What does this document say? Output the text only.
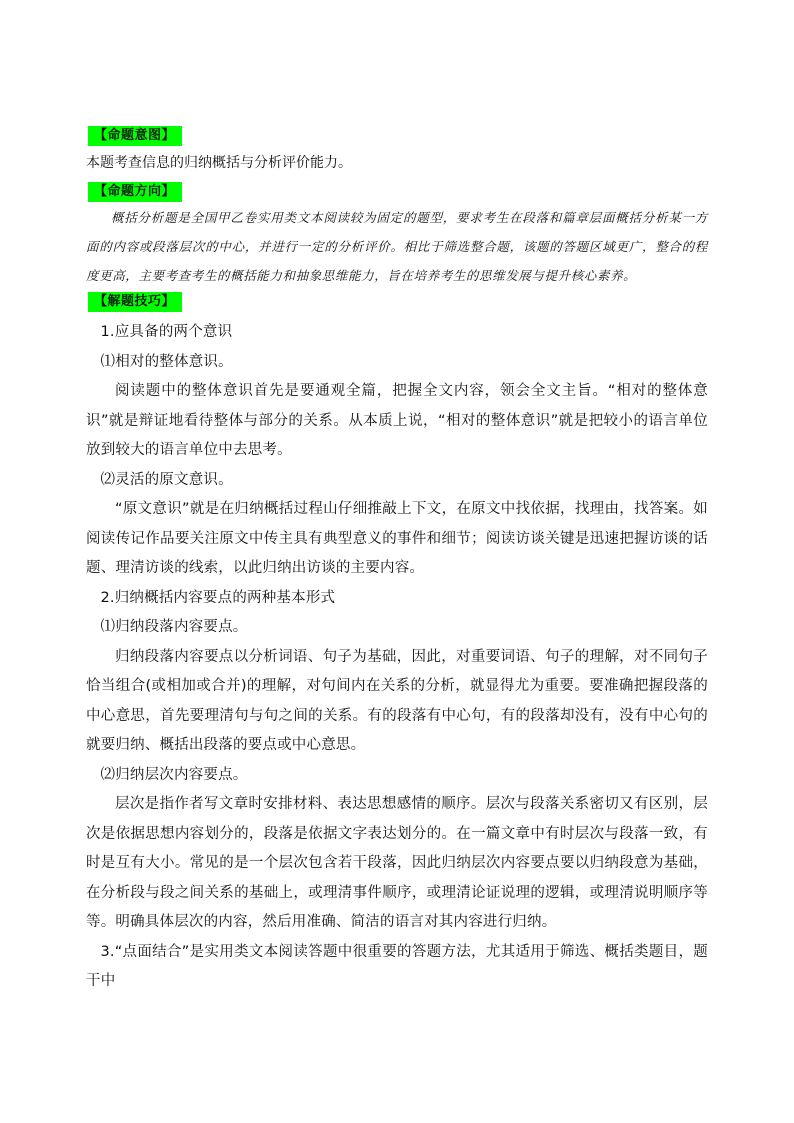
【命题意图】

本题考查信息的归纳概括与分析评价能力。

【命题方向】

概括分析题是全国甲乙卷实用类文本阅读较为固定的题型，要求考生在段落和篇章层面概括分析某一方面的内容或段落层次的中心，并进行一定的分析评价。相比于筛选整合题，该题的答题区域更广，整合的程度更高，主要考查考生的概括能力和抽象思维能力，旨在培养考生的思维发展与提升核心素养。

【解题技巧】

1.应具备的两个意识

⑴相对的整体意识。

阅读题中的整体意识首先是要通观全篇，把握全文内容，领会全文主旨。“相对的整体意识”就是辩证地看待整体与部分的关系。从本质上说，“相对的整体意识”就是把较小的语言单位放到较大的语言单位中去思考。

⑵灵活的原文意识。

“原文意识”就是在归纳概括过程山仔细推敲上下文，在原文中找依据，找理由，找答案。如阅读传记作品要关注原文中传主具有典型意义的事件和细节；阅读访谈关键是迅速把握访谈的话题、理清访谈的线索，以此归纳出访谈的主要内容。

2.归纳概括内容要点的两种基本形式

⑴归纳段落内容要点。

归纳段落内容要点以分析词语、句子为基础，因此，对重要词语、句子的理解，对不同句子恰当组合(或相加或合并)的理解，对句间内在关系的分析，就显得尤为重要。要准确把握段落的中心意思，首先要理清句与句之间的关系。有的段落有中心句，有的段落却没有，没有中心句的就要归纳、概括出段落的要点或中心意思。

⑵归纳层次内容要点。

层次是指作者写文章时安排材料、表达思想感情的顺序。层次与段落关系密切又有区别，层次是依据思想内容划分的，段落是依据文字表达划分的。在一篇文章中有时层次与段落一致，有时是互有大小。常见的是一个层次包含若干段落，因此归纳层次内容要点要以归纳段意为基础，在分析段与段之间关系的基础上，或理清事件顺序，或理清论证说理的逻辑，或理清说明顺序等等。明确具体层次的内容，然后用准确、简洁的语言对其内容进行归纳。

3.“点面结合”是实用类文本阅读答题中很重要的答题方法，尤其适用于筛选、概括类题目，题干中
